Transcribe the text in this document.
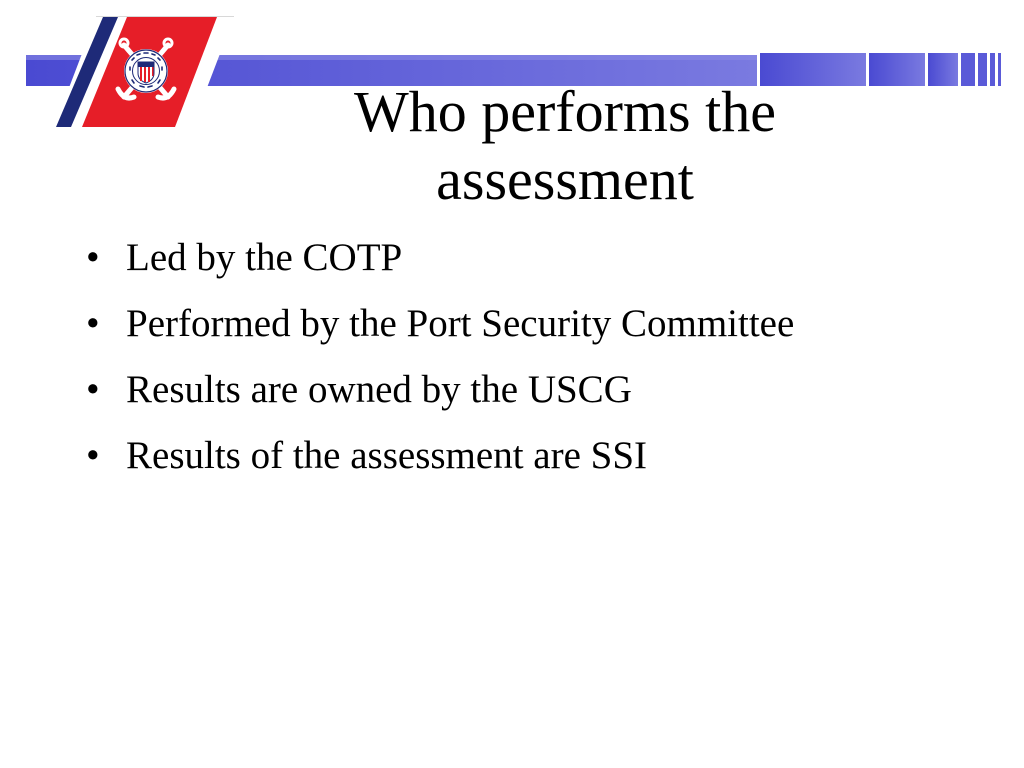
Who performs the
assessment
• Led by the COTP
• Performed by the Port Security Committee
• Results are owned by the USCG
• Results of the assessment are SSI
